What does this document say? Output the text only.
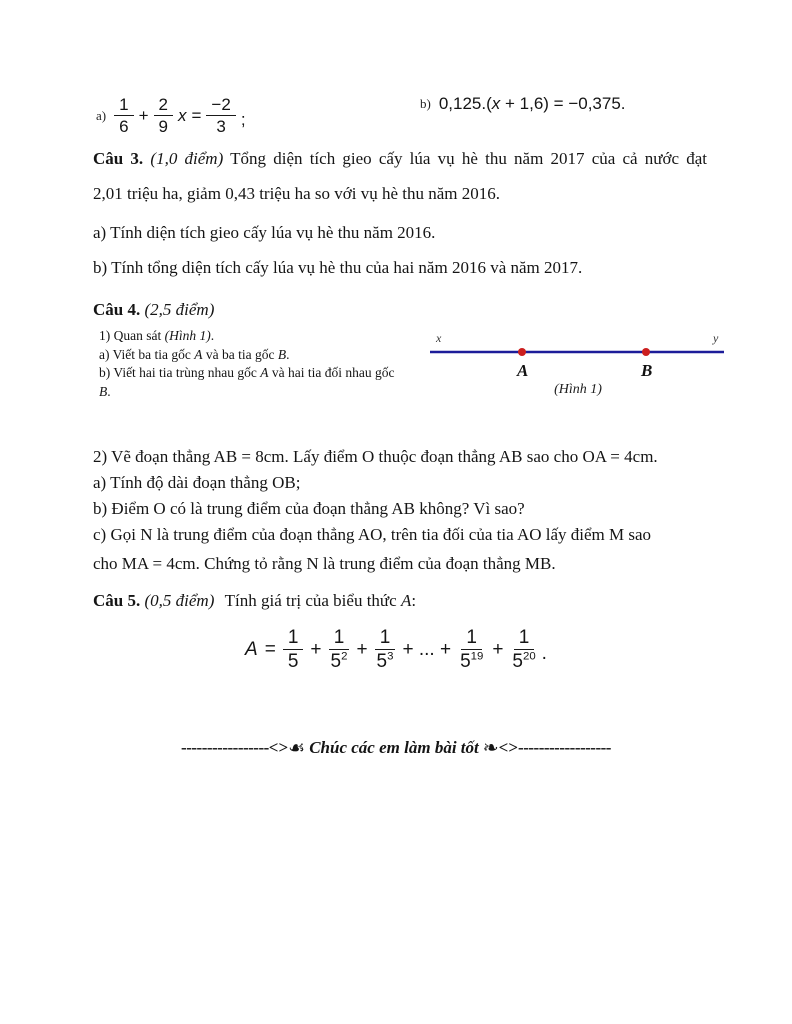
$a) \frac{1}{6} + \frac{2}{9}$ $x = \frac{-2}{3}$ ;
b) 0,125.(x + 1,6) = −0,375.
Câu 3. (1,0 điểm) Tổng diện tích gieo cấy lúa vụ hè thu năm 2017 của cả nước đạt
2,01 triệu ha, giảm 0,43 triệu ha so với vụ hè thu năm 2016.
a) Tính diện tích gieo cấy lúa vụ hè thu năm 2016.
b) Tính tổng diện tích cấy lúa vụ hè thu của hai năm 2016 và năm 2017.
Câu 4. (2,5 điểm)
1) Quan sát (Hình 1).
a) Viết ba tia gốc A và ba tia gốc B.
b) Viết hai tia trùng nhau gốc A và hai tia đối nhau gốc
B.
x	y
A	B
(Hình 1)
2) Vẽ đoạn thẳng AB = 8cm. Lấy điểm O thuộc đoạn thẳng AB sao cho OA = 4cm.
a) Tính độ dài đoạn thẳng OB;
b) Điểm O có là trung điểm của đoạn thẳng AB không? Vì sao?
c) Gọi N là trung điểm của đoạn thẳng AO, trên tia đối của tia AO lấy điểm M sao
cho MA = 4cm. Chứng tỏ rằng N là trung điểm của đoạn thẳng MB.
Câu 5. (0,5 điểm) Tính giá trị của biểu thức A:
$A = \frac{1}{5} + \frac{1}{5^2} + \frac{1}{5^3}$ + ... + $\frac{1}{5^{19}} + \frac{1}{5^{20}}$ .
-----------------<>☙ Chúc các em làm bài tốt ❧<>------------------
